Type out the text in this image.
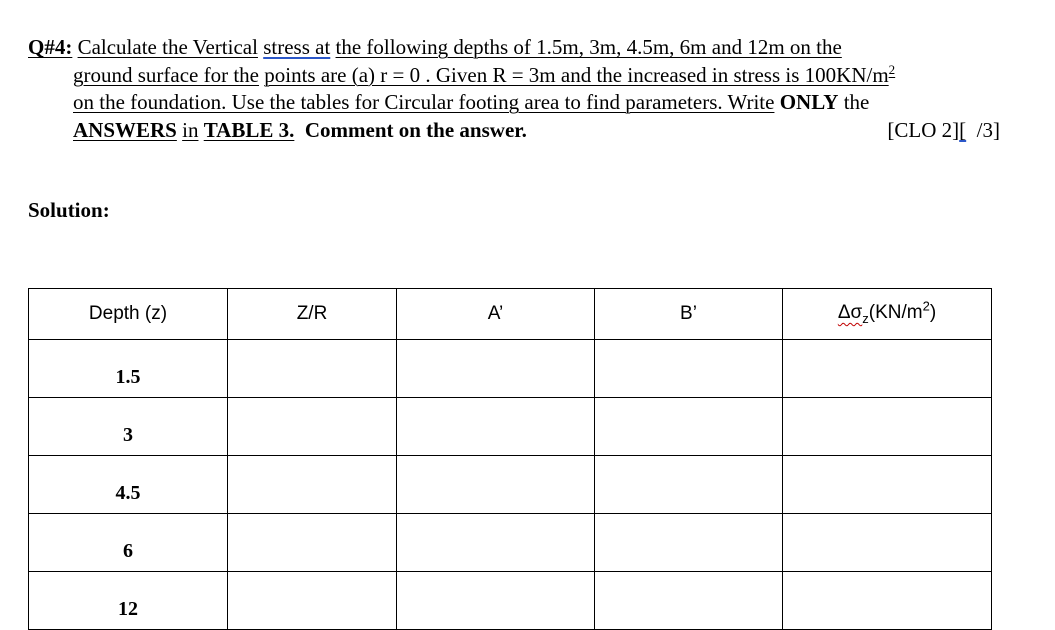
Q#4: Calculate the Vertical stress at the following depths of 1.5m, 3m, 4.5m, 6m and 12m on the
ground surface for the points are (a) r = 0 . Given R = 3m and the increased in stress is $100KN/m^2$
on the foundation. Use the tables for Circular footing area to find parameters. Write ONLY the
ANSWERS in TABLE 3. Comment on the answer.	[CLO 2][ /3]
Solution:
Depth (z)	Z/R	A’	B’	$\Delta\sigma_z(KN/m^2)$
1.5				
3				
4.5				
6				
12				
